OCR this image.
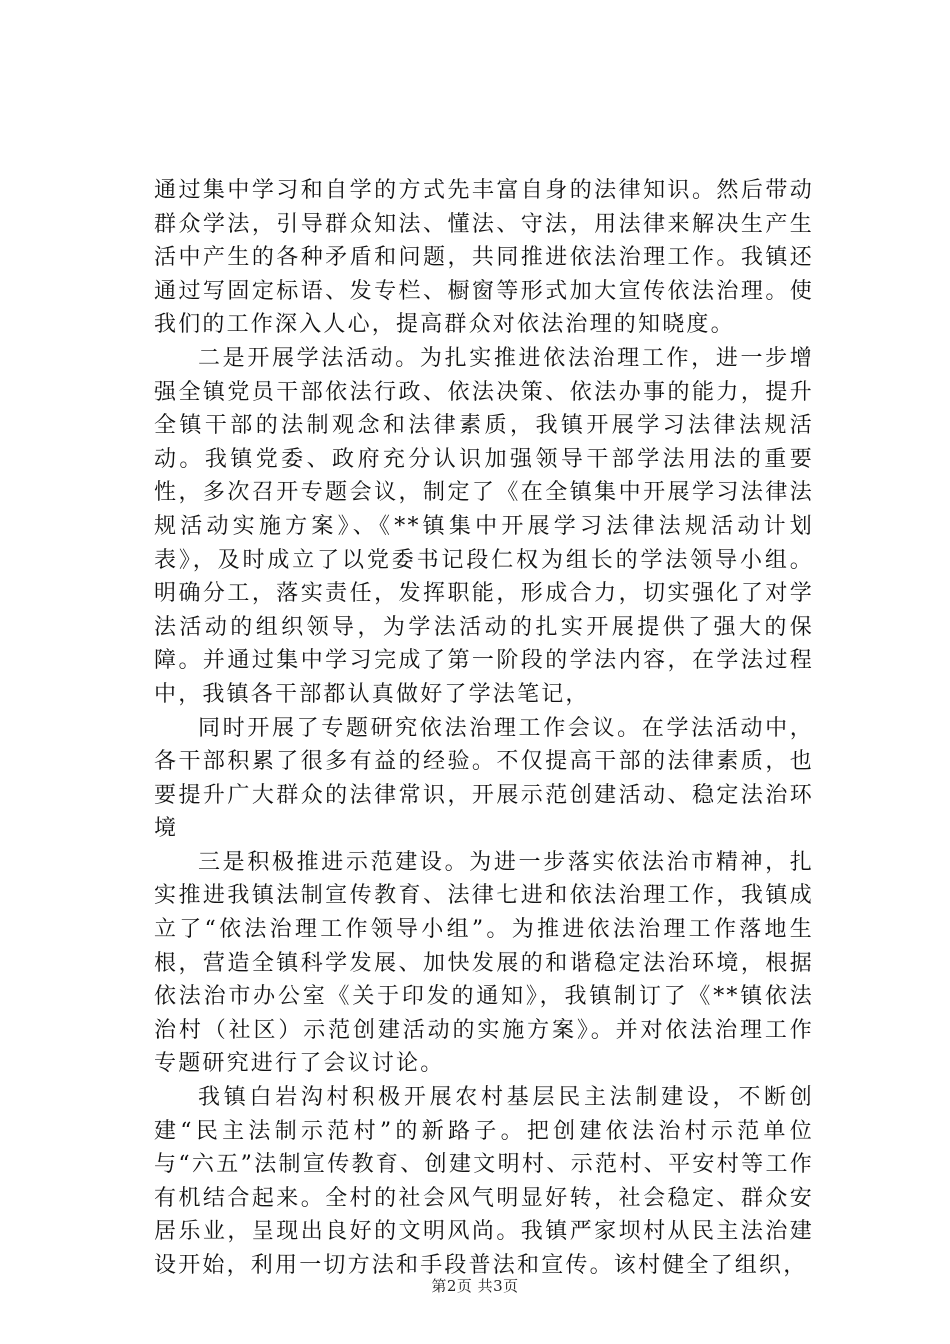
通过集中学习和自学的方式先丰富自身的法律知识。然后带动群众学法，引导群众知法、懂法、守法，用法律来解决生产生活中产生的各种矛盾和问题，共同推进依法治理工作。我镇还通过写固定标语、发专栏、橱窗等形式加大宣传依法治理。使我们的工作深入人心，提高群众对依法治理的知晓度。

二是开展学法活动。为扎实推进依法治理工作，进一步增强全镇党员干部依法行政、依法决策、依法办事的能力，提升全镇干部的法制观念和法律素质，我镇开展学习法律法规活动。我镇党委、政府充分认识加强领导干部学法用法的重要性，多次召开专题会议，制定了《在全镇集中开展学习法律法规活动实施方案》、《**镇集中开展学习法律法规活动计划表》，及时成立了以党委书记段仁权为组长的学法领导小组。明确分工，落实责任，发挥职能，形成合力，切实强化了对学法活动的组织领导，为学法活动的扎实开展提供了强大的保障。并通过集中学习完成了第一阶段的学法内容，在学法过程中，我镇各干部都认真做好了学法笔记，

同时开展了专题研究依法治理工作会议。在学法活动中，各干部积累了很多有益的经验。不仅提高干部的法律素质，也要提升广大群众的法律常识，开展示范创建活动、稳定法治环境

三是积极推进示范建设。为进一步落实依法治市精神，扎实推进我镇法制宣传教育、法律七进和依法治理工作，我镇成立了“依法治理工作领导小组”。为推进依法治理工作落地生根，营造全镇科学发展、加快发展的和谐稳定法治环境，根据依法治市办公室《关于印发的通知》，我镇制订了《**镇依法治村（社区）示范创建活动的实施方案》。并对依法治理工作专题研究进行了会议讨论。

我镇白岩沟村积极开展农村基层民主法制建设，不断创建“民主法制示范村”的新路子。把创建依法治村示范单位与“六五”法制宣传教育、创建文明村、示范村、平安村等工作有机结合起来。全村的社会风气明显好转，社会稳定、群众安居乐业，呈现出良好的文明风尚。我镇严家坝村从民主法治建设开始，利用一切方法和手段普法和宣传。该村健全了组织，

第2页 共3页
